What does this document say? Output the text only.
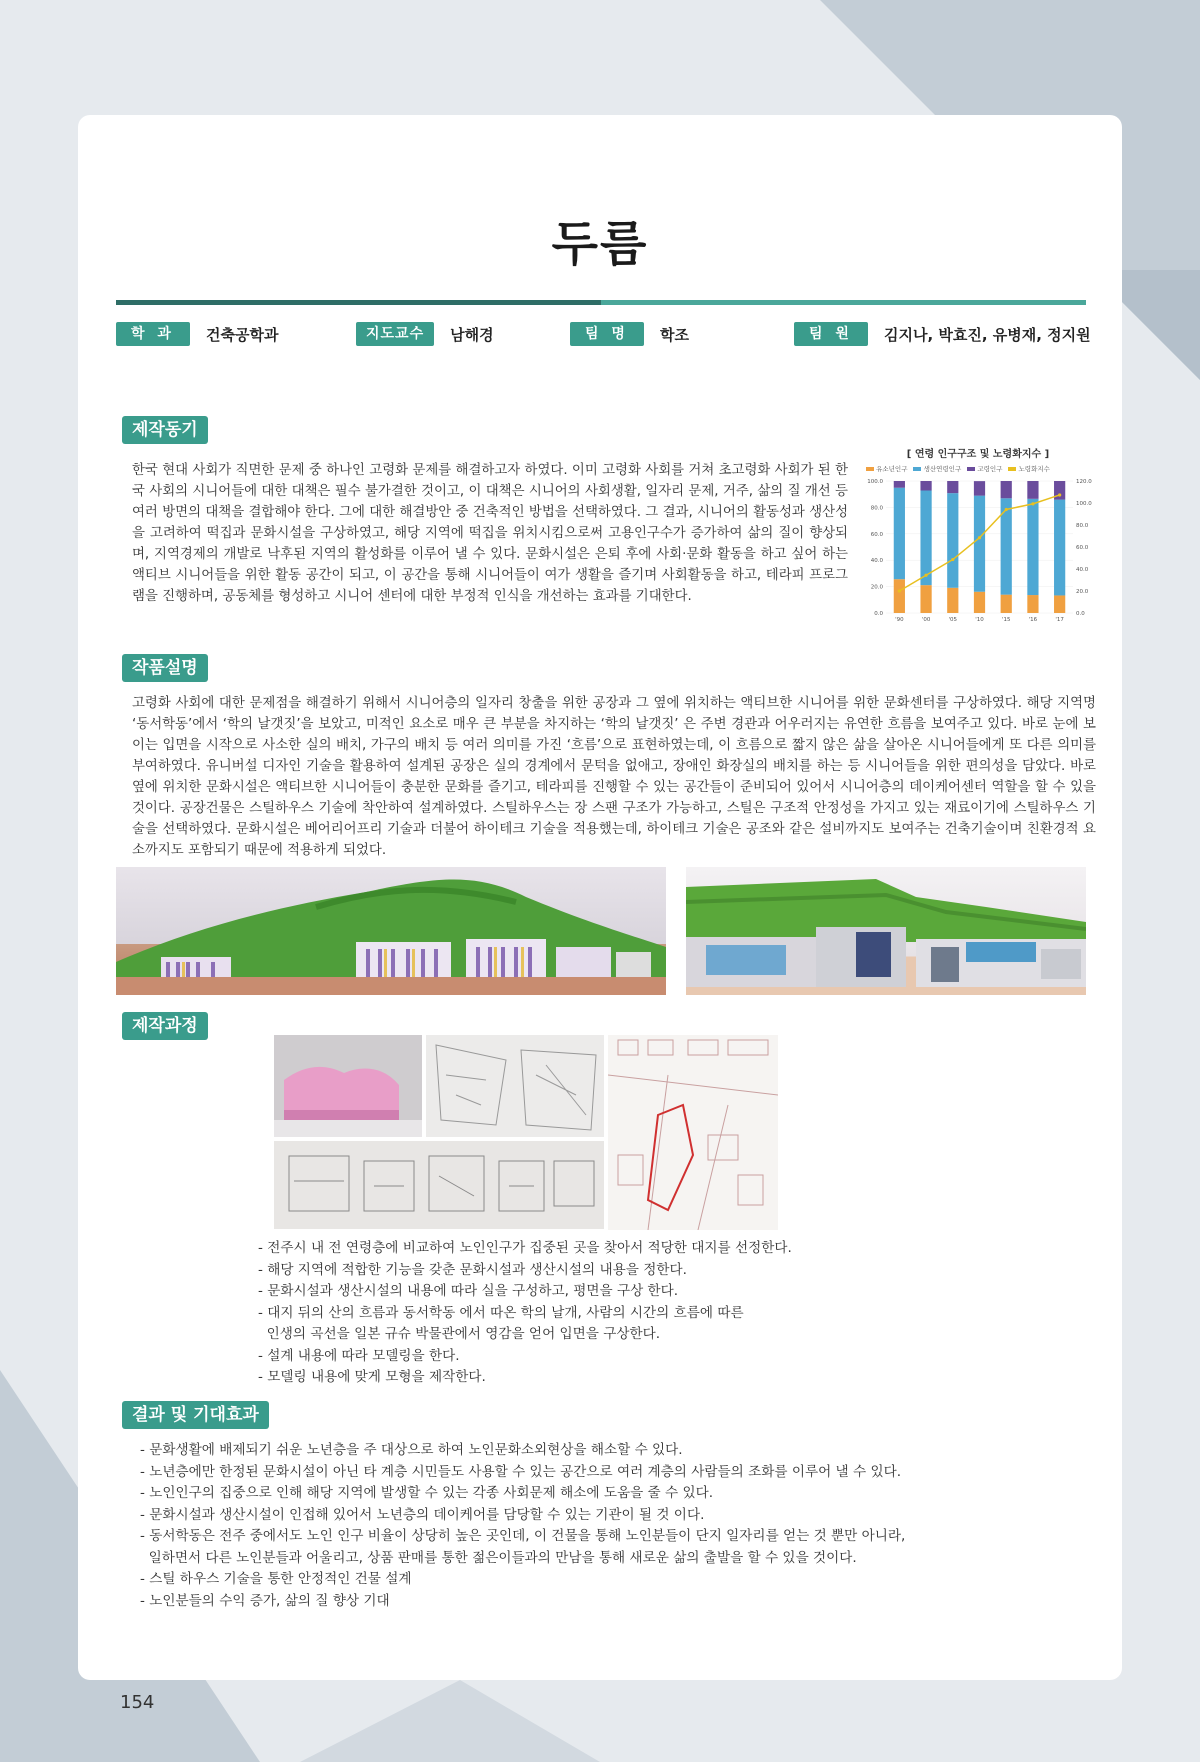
두름
학 과	건축공학과	지도교수	남해경	팀 명	학조	팀 원	김지나, 박효진, 유병재, 정지원
제작동기

한국 현대 사회가 직면한 문제 중 하나인 고령화 문제를 해결하고자 하였다. 이미 고령화 사회를 거쳐 초고령화 사회가 된 한국 사회의 시니어들에 대한 대책은 필수 불가결한 것이고, 이 대책은 시니어의 사회생활, 일자리 문제, 거주, 삶의 질 개선 등 여러 방면의 대책을 결합해야 한다. 그에 대한 해결방안 중 건축적인 방법을 선택하였다. 그 결과, 시니어의 활동성과 생산성을 고려하여 떡집과 문화시설을 구상하였고, 해당 지역에 떡집을 위치시킴으로써 고용인구수가 증가하여 삶의 질이 향상되며, 지역경제의 개발로 낙후된 지역의 활성화를 이루어 낼 수 있다. 문화시설은 은퇴 후에 사회·문화 활동을 하고 싶어 하는 액티브 시니어들을 위한 활동 공간이 되고, 이 공간을 통해 시니어들이 여가 생활을 즐기며 사회활동을 하고, 테라피 프로그램을 진행하며, 공동체를 형성하고 시니어 센터에 대한 부정적 인식을 개선하는 효과를 기대한다.

[ 연령 인구구조 및 노령화지수 ]
유소년인구	생산연령인구	고령인구	노령화지수
0.0
20.0
40.0
60.0
80.0
100.0
0.0
20.0
40.0
60.0
80.0
100.0
120.0
'90	'00	'05	'10	'15	'16	'17
작품설명

고령화 사회에 대한 문제점을 해결하기 위해서 시니어층의 일자리 창출을 위한 공장과 그 옆에 위치하는 액티브한 시니어를 위한 문화센터를 구상하였다. 해당 지역명 ‘동서학동’에서 ‘학의 날갯짓’을 보았고, 미적인 요소로 매우 큰 부분을 차지하는 ‘학의 날갯짓’ 은 주변 경관과 어우러지는 유연한 흐름을 보여주고 있다. 바로 눈에 보이는 입면을 시작으로 사소한 실의 배치, 가구의 배치 등 여러 의미를 가진 ‘흐름’으로 표현하였는데, 이 흐름으로 짧지 않은 삶을 살아온 시니어들에게 또 다른 의미를 부여하였다. 유니버설 디자인 기술을 활용하여 설계된 공장은 실의 경계에서 문턱을 없애고, 장애인 화장실의 배치를 하는 등 시니어들을 위한 편의성을 담았다. 바로 옆에 위치한 문화시설은 액티브한 시니어들이 충분한 문화를 즐기고, 테라피를 진행할 수 있는 공간들이 준비되어 있어서 시니어층의 데이케어센터 역할을 할 수 있을 것이다. 공장건물은 스틸하우스 기술에 착안하여 설계하였다. 스틸하우스는 장 스팬 구조가 가능하고, 스틸은 구조적 안정성을 가지고 있는 재료이기에 스틸하우스 기술을 선택하였다. 문화시설은 베어리어프리 기술과 더불어 하이테크 기술을 적용했는데, 하이테크 기술은 공조와 같은 설비까지도 보여주는 건축기술이며 친환경적 요소까지도 포함되기 때문에 적용하게 되었다.

제작과정
- 전주시 내 전 연령층에 비교하여 노인인구가 집중된 곳을 찾아서 적당한 대지를 선정한다.
- 해당 지역에 적합한 기능을 갖춘 문화시설과 생산시설의 내용을 정한다.
- 문화시설과 생산시설의 내용에 따라 실을 구성하고, 평면을 구상 한다.
- 대지 뒤의 산의 흐름과 동서학동 에서 따온 학의 날개, 사람의 시간의 흐름에 따른
인생의 곡선을 일본 규슈 박물관에서 영감을 얻어 입면을 구상한다.
- 설계 내용에 따라 모델링을 한다.
- 모델링 내용에 맞게 모형을 제작한다.
결과 및 기대효과
- 문화생활에 배제되기 쉬운 노년층을 주 대상으로 하여 노인문화소외현상을 해소할 수 있다.
- 노년층에만 한정된 문화시설이 아닌 타 계층 시민들도 사용할 수 있는 공간으로 여러 계층의 사람들의 조화를 이루어 낼 수 있다.
- 노인인구의 집중으로 인해 해당 지역에 발생할 수 있는 각종 사회문제 해소에 도움을 줄 수 있다.
- 문화시설과 생산시설이 인접해 있어서 노년층의 데이케어를 담당할 수 있는 기관이 될 것 이다.
- 동서학동은 전주 중에서도 노인 인구 비율이 상당히 높은 곳인데, 이 건물을 통해 노인분들이 단지 일자리를 얻는 것 뿐만 아니라,
일하면서 다른 노인분들과 어울리고, 상품 판매를 통한 젊은이들과의 만남을 통해 새로운 삶의 출발을 할 수 있을 것이다.
- 스틸 하우스 기술을 통한 안정적인 건물 설계
- 노인분들의 수익 증가, 삶의 질 향상 기대
154
